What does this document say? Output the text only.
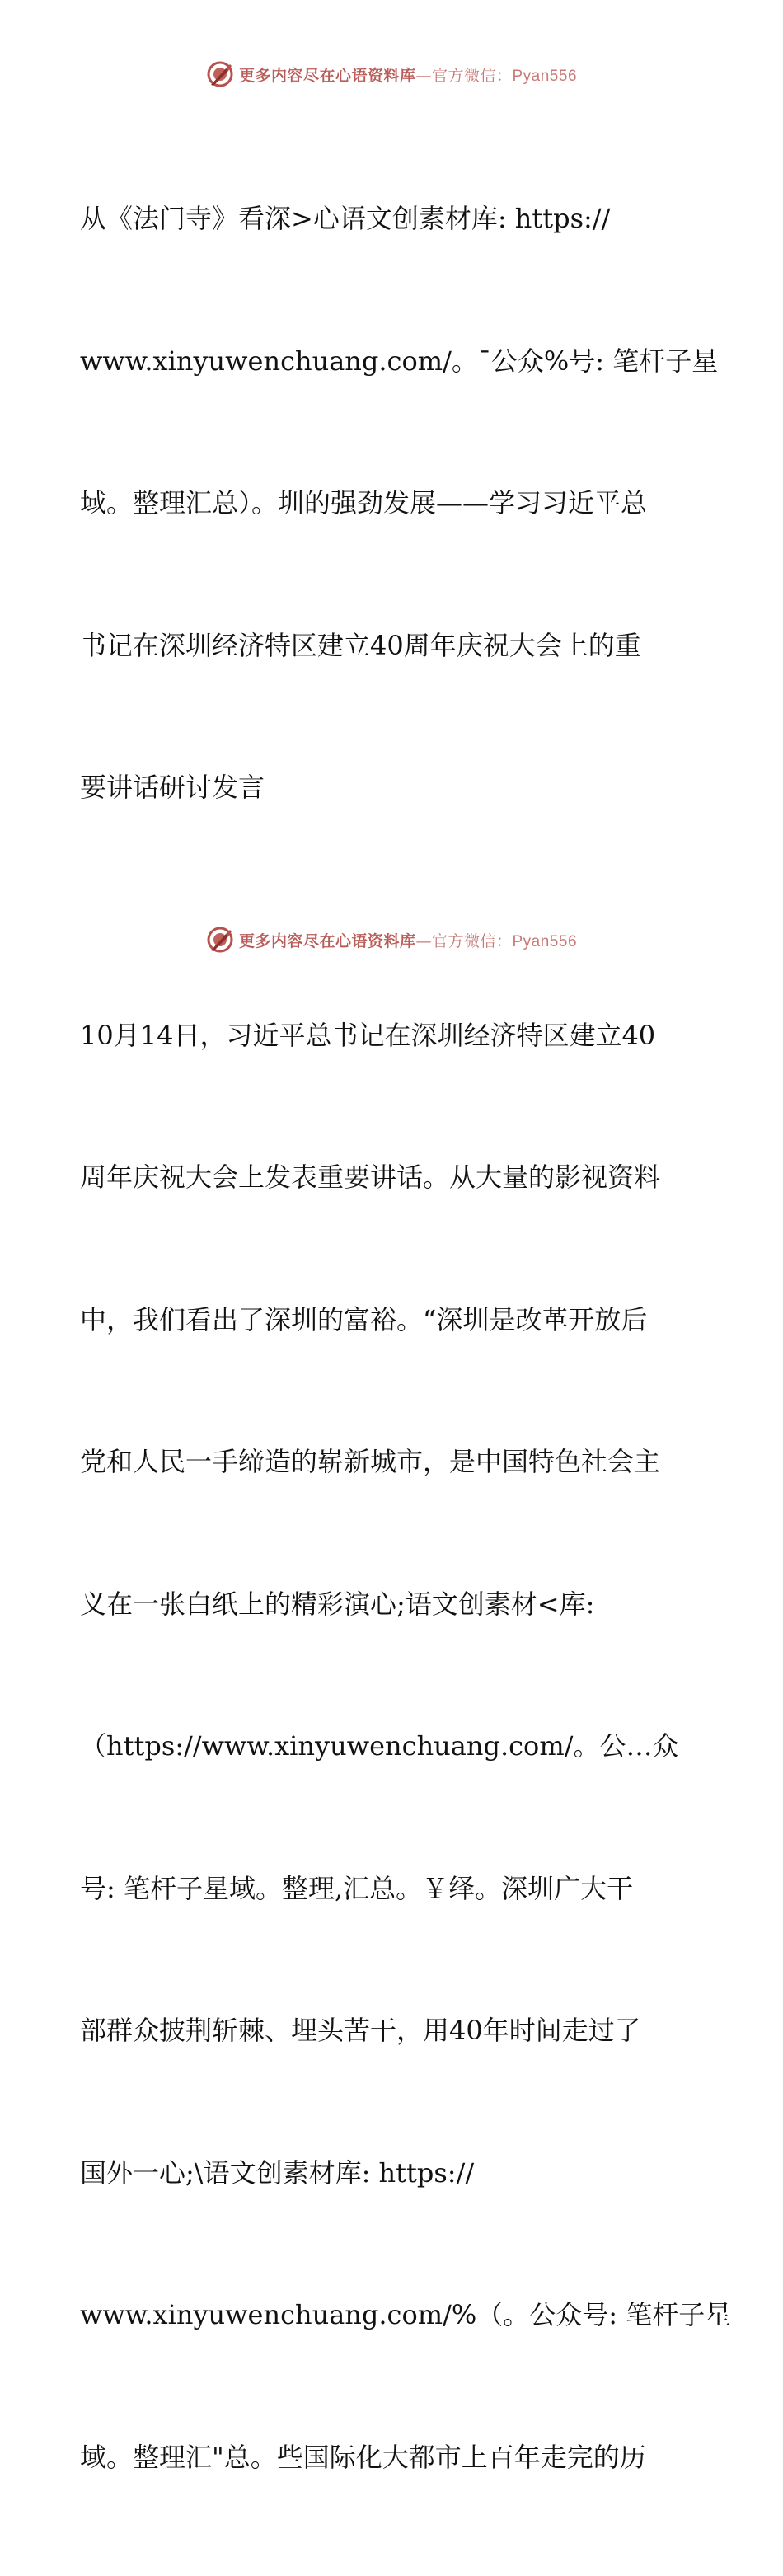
更多内容尽在心语资料库—官方微信：Pyan556

从《法门寺》看深>心语文创素材库: https://

www.xinyuwenchuang.com/。¯公众%号: 笔杆子星

域。整理汇总）。圳的强劲发展——学习习近平总

书记在深圳经济特区建立40周年庆祝大会上的重

要讲话研讨发言

10月14日，习近平总书记在深圳经济特区建立40

周年庆祝大会上发表重要讲话。从大量的影视资料

中，我们看出了深圳的富裕。“深圳是改革开放后

党和人民一手缔造的崭新城市，是中国特色社会主

义在一张白纸上的精彩演心;语文创素材<库:

（https://www.xinyuwenchuang.com/。公…众

号: 笔杆子星域。整理,汇总。￥绎。深圳广大干

部群众披荆斩棘、埋头苦干，用40年时间走过了

国外一心;\语文创素材库: https://

www.xinyuwenchuang.com/%（。公众号: 笔杆子星

域。整理汇"总。些国际化大都市上百年走完的历

更多内容尽在心语资料库—官方微信：Pyan556
